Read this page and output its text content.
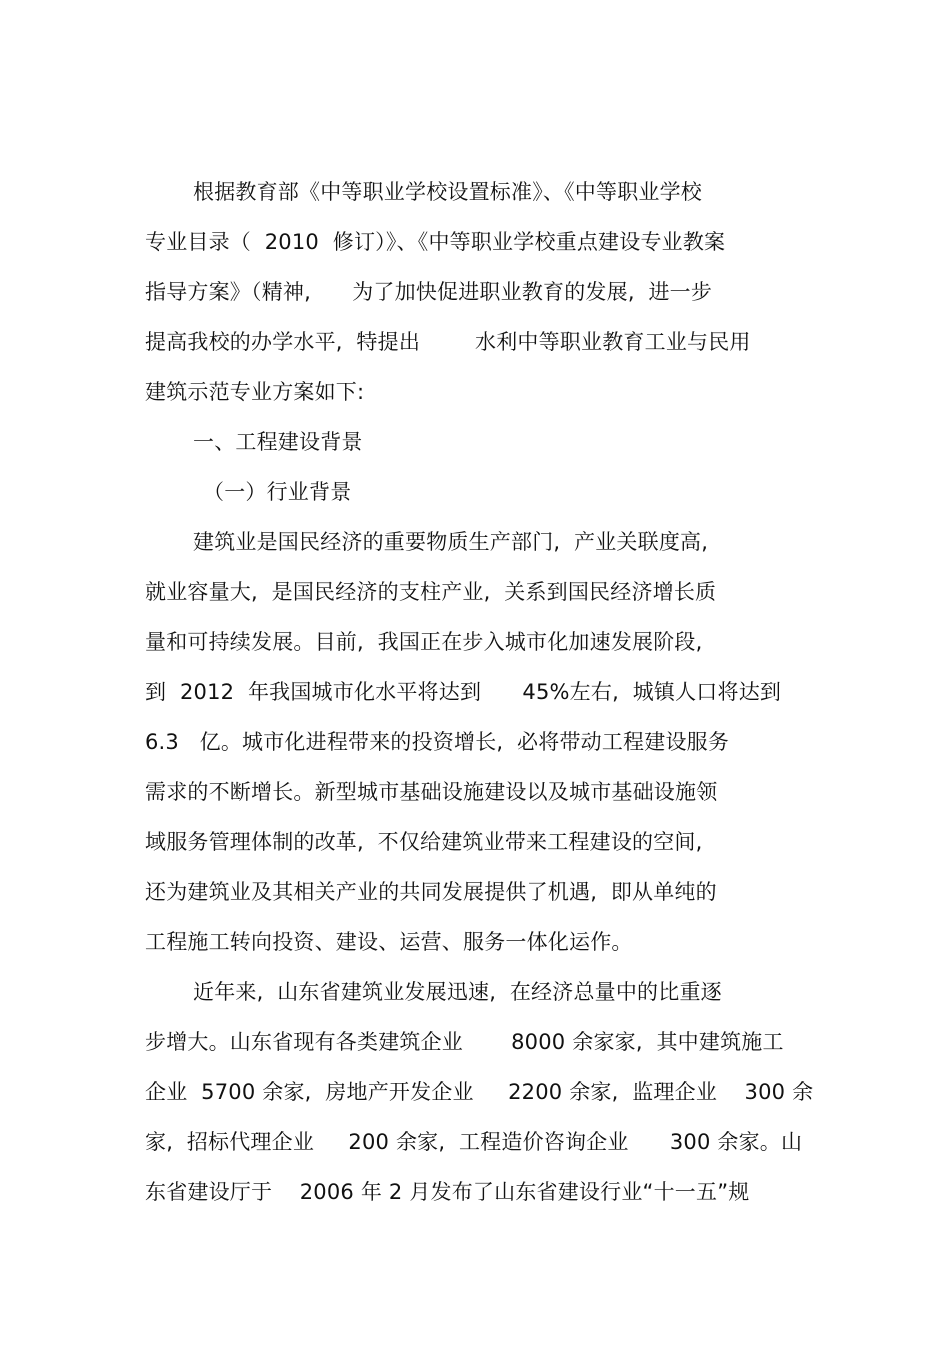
根据教育部《中等职业学校设置标准》、《中等职业学校
专业目录（  2010  修订）》、《中等职业学校重点建设专业教案
指导方案》（精神,      为了加快促进职业教育的发展,  进一步
提高我校的办学水平,  特提出        水利中等职业教育工业与民用
建筑示范专业方案如下:
一、工程建设背景
（一）行业背景
建筑业是国民经济的重要物质生产部门,  产业关联度高,
就业容量大,  是国民经济的支柱产业,  关系到国民经济增长质
量和可持续发展。目前,  我国正在步入城市化加速发展阶段,
到  2012  年我国城市化水平将达到      45%左右,  城镇人口将达到
6.3   亿。城市化进程带来的投资增长,  必将带动工程建设服务
需求的不断增长。新型城市基础设施建设以及城市基础设施领
域服务管理体制的改革,  不仅给建筑业带来工程建设的空间,
还为建筑业及其相关产业的共同发展提供了机遇,  即从单纯的
工程施工转向投资、建设、运营、服务一体化运作。
近年来,  山东省建筑业发展迅速,  在经济总量中的比重逐
步增大。山东省现有各类建筑企业       8000 余家家,  其中建筑施工
企业  5700 余家,  房地产开发企业     2200 余家,  监理企业    300 余
家,  招标代理企业     200 余家,  工程造价咨询企业      300 余家。山
东省建设厅于    2006 年 2 月发布了山东省建设行业“十一五”规
